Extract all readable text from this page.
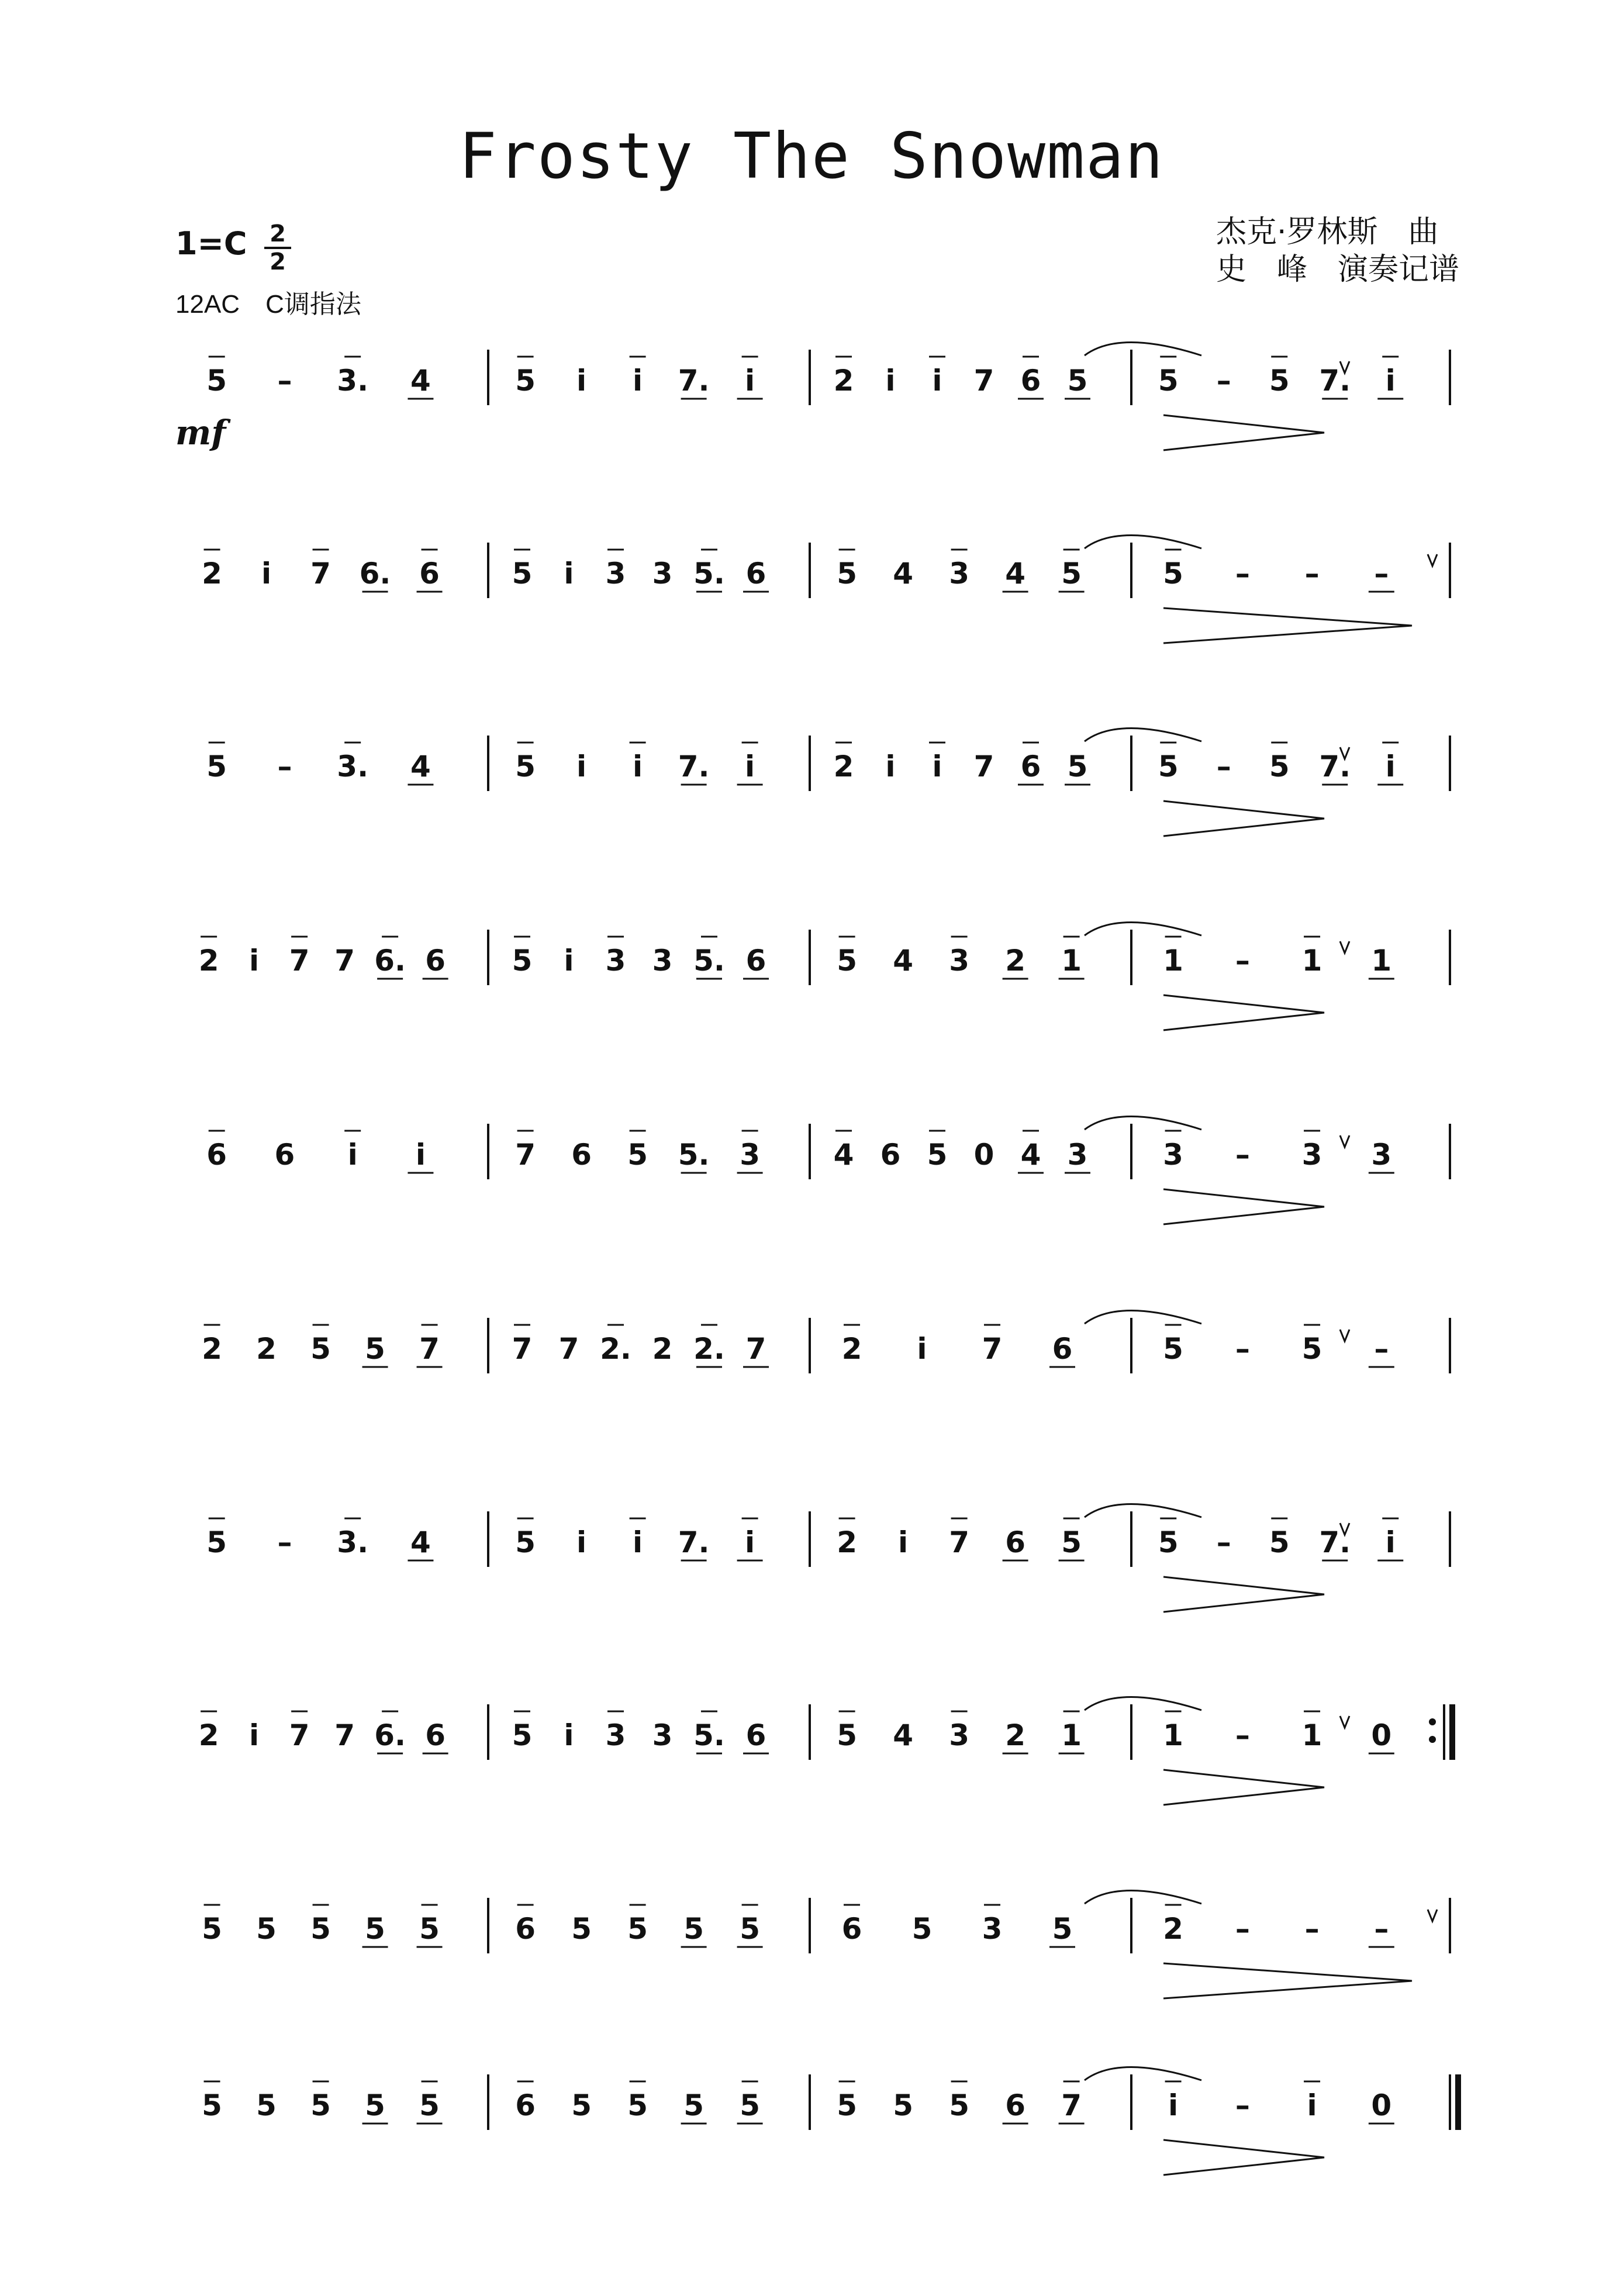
Frosty The Snowman
1=C 2
2
12AC　C调指法
杰克·罗林斯　曲
史　峰　演奏记谱
5 – 3. 4	5 i i 7. i	2 i i 7 6 5 5 – 5 7. i
2 i 7 6. 6 5 i 3 3 5. 6 5 4 3 4 5	5 – – –
5 – 3. 4	5 i i 7. i	2 i i 7 6 5 5 – 5 7. i
2 i 7 7 6. 6 5 i 3 3 5. 6 5 4 3 2 1	1 – 1 1
6 6 i i	7 6 5 5. 3	4 6 5 0 4 3	3 – 3 3
2 2 5 5 7 7 7 2. 2 2. 7	2 i 7 6	5 – 5 –
5 – 3. 4	5 i i 7. i	2 i 7 6 5	5 – 5 7. i
2 i 7 7 6. 6 5 i 3 3 5. 6 5 4 3 2 1	1 – 1 0
5 5 5 5 5	6 5 5 5 5	6 5 3 5	2 – – –
5 5 5 5 5	6 5 5 5 5	5 5 5 6 7	i – i 0
mf
